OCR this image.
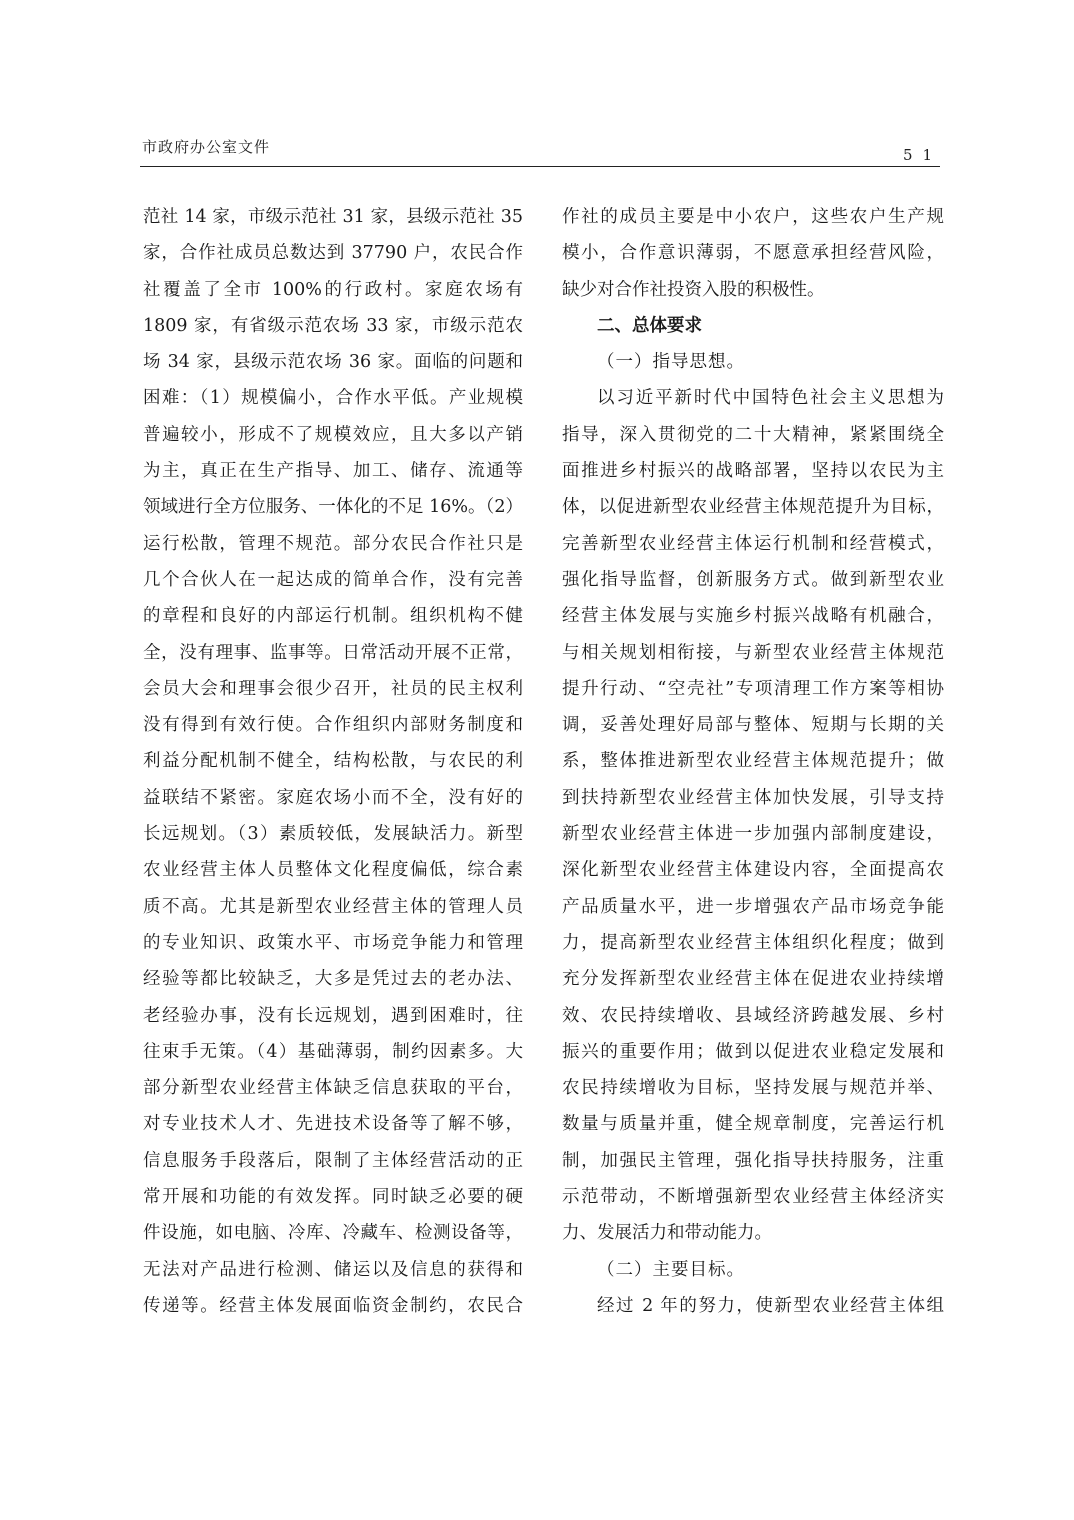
市政府办公室文件	51
范社 14 家，市级示范社 31 家，县级示范社 35
家，合作社成员总数达到 37790 户，农民合作
社覆盖了全市 100%的行政村。家庭农场有
1809 家，有省级示范农场 33 家，市级示范农
场 34 家，县级示范农场 36 家。面临的问题和
困难：（1）规模偏小，合作水平低。产业规模
普遍较小，形成不了规模效应，且大多以产销
为主，真正在生产指导、加工、储存、流通等
领域进行全方位服务、一体化的不足 16%。（2）
运行松散，管理不规范。部分农民合作社只是
几个合伙人在一起达成的简单合作，没有完善
的章程和良好的内部运行机制。组织机构不健
全，没有理事、监事等。日常活动开展不正常，
会员大会和理事会很少召开，社员的民主权利
没有得到有效行使。合作组织内部财务制度和
利益分配机制不健全，结构松散，与农民的利
益联结不紧密。家庭农场小而不全，没有好的
长远规划。（3）素质较低，发展缺活力。新型
农业经营主体人员整体文化程度偏低，综合素
质不高。尤其是新型农业经营主体的管理人员
的专业知识、政策水平、市场竞争能力和管理
经验等都比较缺乏，大多是凭过去的老办法、
老经验办事，没有长远规划，遇到困难时，往
往束手无策。（4）基础薄弱，制约因素多。大
部分新型农业经营主体缺乏信息获取的平台，
对专业技术人才、先进技术设备等了解不够，
信息服务手段落后，限制了主体经营活动的正
常开展和功能的有效发挥。同时缺乏必要的硬
件设施，如电脑、冷库、冷藏车、检测设备等，
无法对产品进行检测、储运以及信息的获得和
传递等。经营主体发展面临资金制约，农民合
作社的成员主要是中小农户，这些农户生产规
模小，合作意识薄弱，不愿意承担经营风险，
缺少对合作社投资入股的积极性。
二、总体要求
（一）指导思想。
以习近平新时代中国特色社会主义思想为
指导，深入贯彻党的二十大精神，紧紧围绕全
面推进乡村振兴的战略部署，坚持以农民为主
体，以促进新型农业经营主体规范提升为目标，
完善新型农业经营主体运行机制和经营模式，
强化指导监督，创新服务方式。做到新型农业
经营主体发展与实施乡村振兴战略有机融合，
与相关规划相衔接，与新型农业经营主体规范
提升行动、“空壳社”专项清理工作方案等相协
调，妥善处理好局部与整体、短期与长期的关
系，整体推进新型农业经营主体规范提升；做
到扶持新型农业经营主体加快发展，引导支持
新型农业经营主体进一步加强内部制度建设，
深化新型农业经营主体建设内容，全面提高农
产品质量水平，进一步增强农产品市场竞争能
力，提高新型农业经营主体组织化程度；做到
充分发挥新型农业经营主体在促进农业持续增
效、农民持续增收、县域经济跨越发展、乡村
振兴的重要作用；做到以促进农业稳定发展和
农民持续增收为目标，坚持发展与规范并举、
数量与质量并重，健全规章制度，完善运行机
制，加强民主管理，强化指导扶持服务，注重
示范带动，不断增强新型农业经营主体经济实
力、发展活力和带动能力。
（二）主要目标。
经过 2 年的努力，使新型农业经营主体组
